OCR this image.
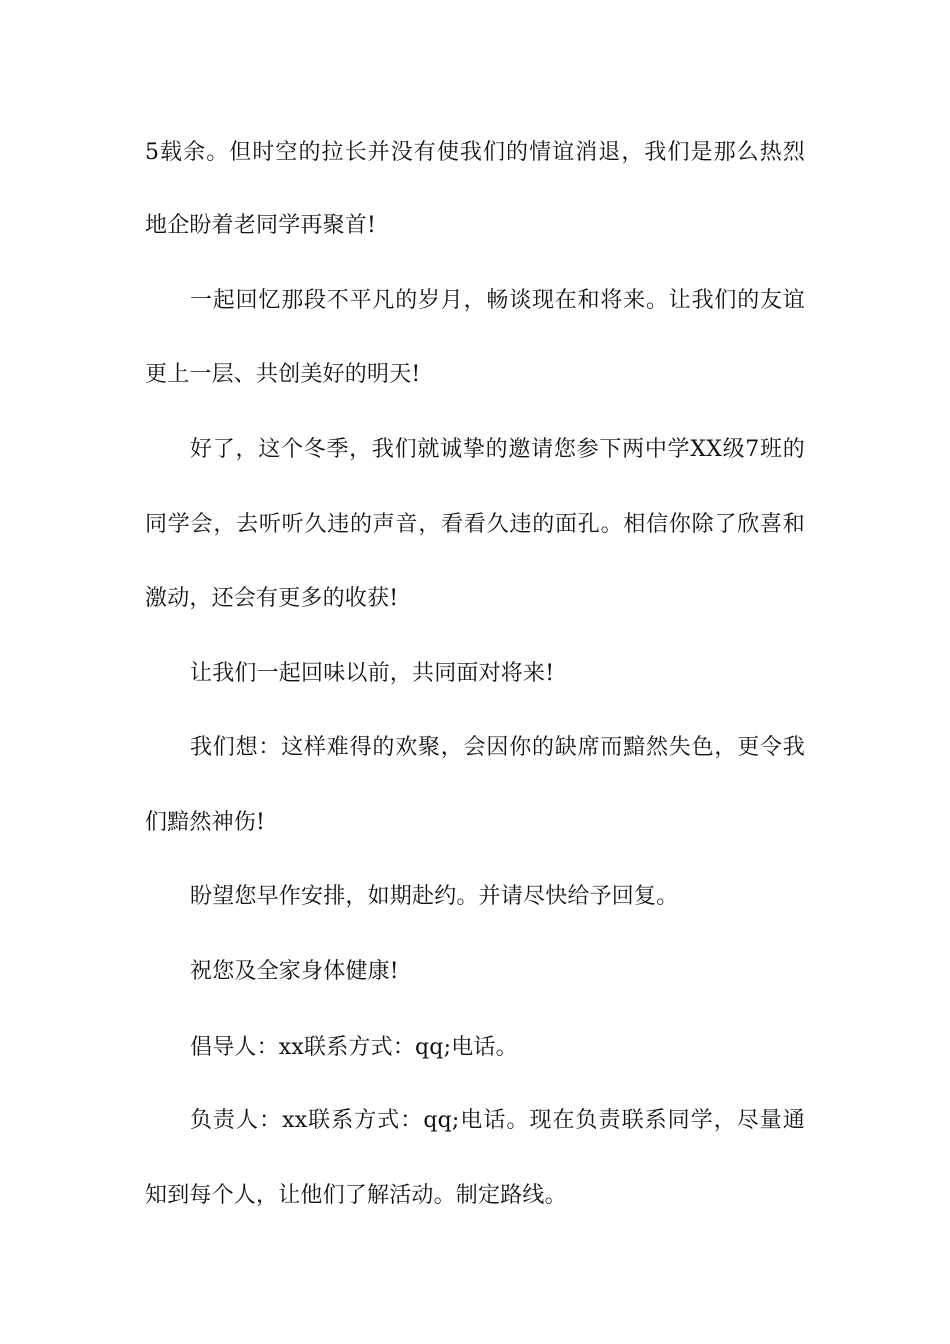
5载余。但时空的拉长并没有使我们的情谊消退，我们是那么热烈
地企盼着老同学再聚首!
一起回忆那段不平凡的岁月，畅谈现在和将来。让我们的友谊
更上一层、共创美好的明天!
好了，这个冬季，我们就诚挚的邀请您参下两中学XX级7班的
同学会，去听听久违的声音，看看久违的面孔。相信你除了欣喜和
激动，还会有更多的收获!
让我们一起回味以前，共同面对将来!
我们想：这样难得的欢聚，会因你的缺席而黯然失色，更令我
们黯然神伤!
盼望您早作安排，如期赴约。并请尽快给予回复。
祝您及全家身体健康!
倡导人：xx联系方式：qq;电话。
负责人：xx联系方式：qq;电话。现在负责联系同学，尽量通
知到每个人，让他们了解活动。制定路线。
